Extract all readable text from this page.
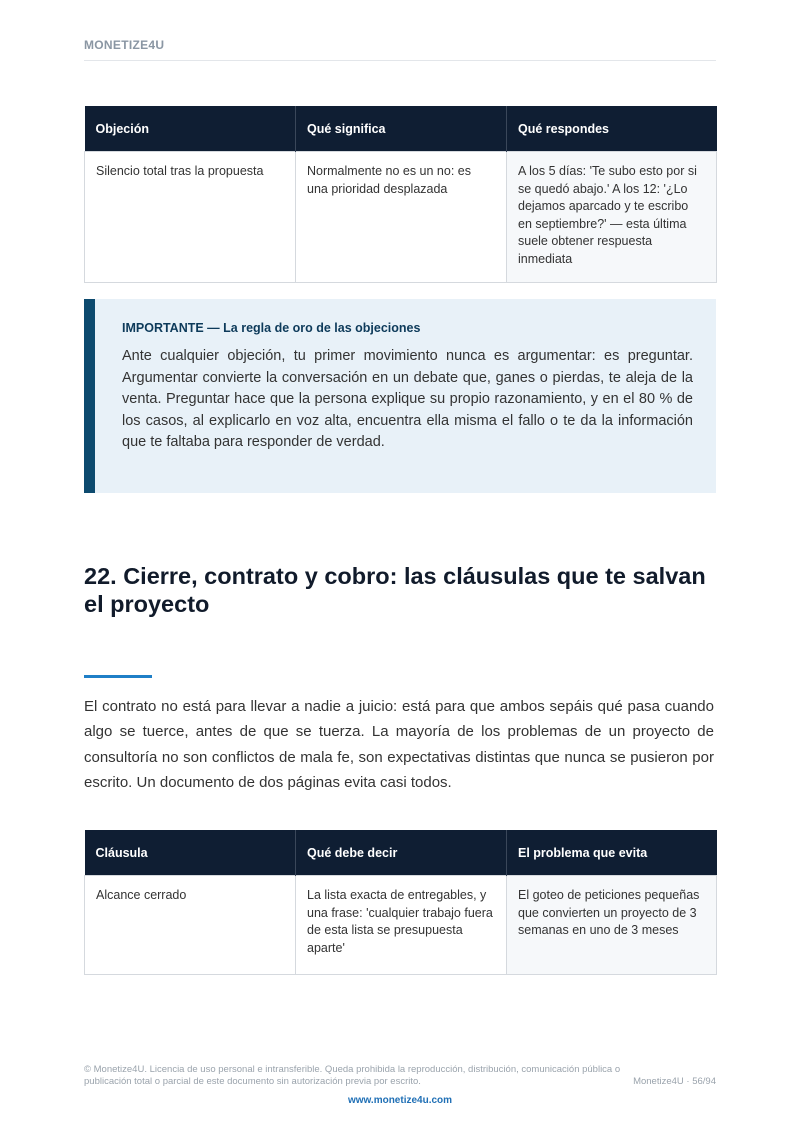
MONETIZE4U
Objeción	Qué significa	Qué respondes
Silencio total tras la propuesta	Normalmente no es un no: es una prioridad desplazada	A los 5 días: 'Te subo esto por si se quedó abajo.' A los 12: '¿Lo dejamos aparcado y te escribo en septiembre?' — esta última suele obtener respuesta inmediata

IMPORTANTE — La regla de oro de las objeciones

Ante cualquier objeción, tu primer movimiento nunca es argumentar: es preguntar. Argumentar convierte la conversación en un debate que, ganes o pierdas, te aleja de la venta. Preguntar hace que la persona explique su propio razonamiento, y en el 80 % de los casos, al explicarlo en voz alta, encuentra ella misma el fallo o te da la información que te faltaba para responder de verdad.

22. Cierre, contrato y cobro: las cláusulas que te salvan el proyecto

El contrato no está para llevar a nadie a juicio: está para que ambos sepáis qué pasa cuando algo se tuerce, antes de que se tuerza. La mayoría de los problemas de un proyecto de consultoría no son conflictos de mala fe, son expectativas distintas que nunca se pusieron por escrito. Un documento de dos páginas evita casi todos.

Cláusula	Qué debe decir	El problema que evita
Alcance cerrado	La lista exacta de entregables, y una frase: 'cualquier trabajo fuera de esta lista se presupuesta aparte'	El goteo de peticiones pequeñas que convierten un proyecto de 3 semanas en uno de 3 meses
© Monetize4U. Licencia de uso personal e intransferible. Queda prohibida la reproducción, distribución, comunicación pública o publicación total o parcial de este documento sin autorización previa por escrito.	Monetize4U · 56/94
www.monetize4u.com
